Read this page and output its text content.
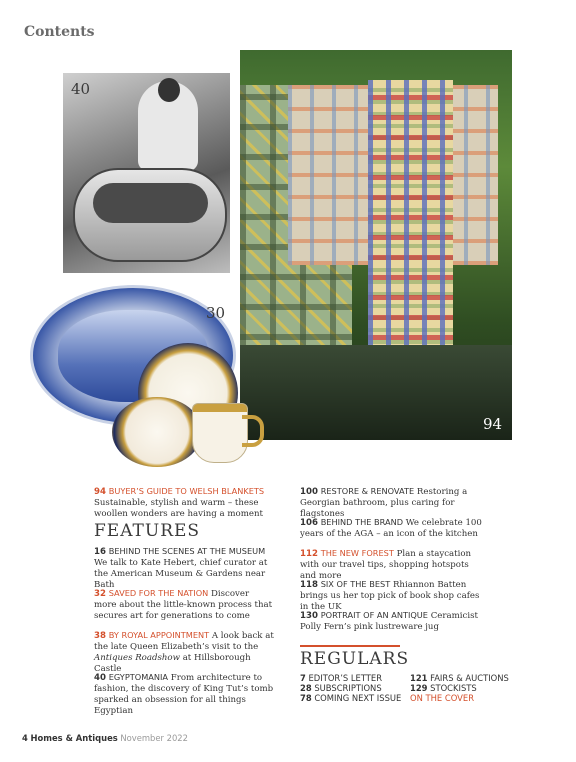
Contents
40
94
30
94 BUYER’S GUIDE TO WELSH BLANKETS Sustainable, stylish and warm – these woollen wonders are having a moment
FEATURES
16 BEHIND THE SCENES AT THE MUSEUM We talk to Kate Hebert, chief curator at the American Museum & Gardens near Bath
32 SAVED FOR THE NATION Discover more about the little-known process that secures art for generations to come
38 BY ROYAL APPOINTMENT A look back at the late Queen Elizabeth’s visit to the Antiques Roadshow at Hillsborough Castle
40 EGYPTOMANIA From architecture to fashion, the discovery of King Tut’s tomb sparked an obsession for all things Egyptian
100 RESTORE & RENOVATE Restoring a Georgian bathroom, plus caring for flagstones
106 BEHIND THE BRAND We celebrate 100 years of the AGA – an icon of the kitchen
112 THE NEW FOREST Plan a staycation with our travel tips, shopping hotspots and more
118 SIX OF THE BEST Rhiannon Batten brings us her top pick of book shop cafes in the UK
130 PORTRAIT OF AN ANTIQUE Ceramicist Polly Fern’s pink lustreware jug
REGULARS
7 EDITOR’S LETTER
28 SUBSCRIPTIONS
78 COMING NEXT ISSUE
121 FAIRS & AUCTIONS
129 STOCKISTS
ON THE COVER
4 Homes & Antiques November 2022
